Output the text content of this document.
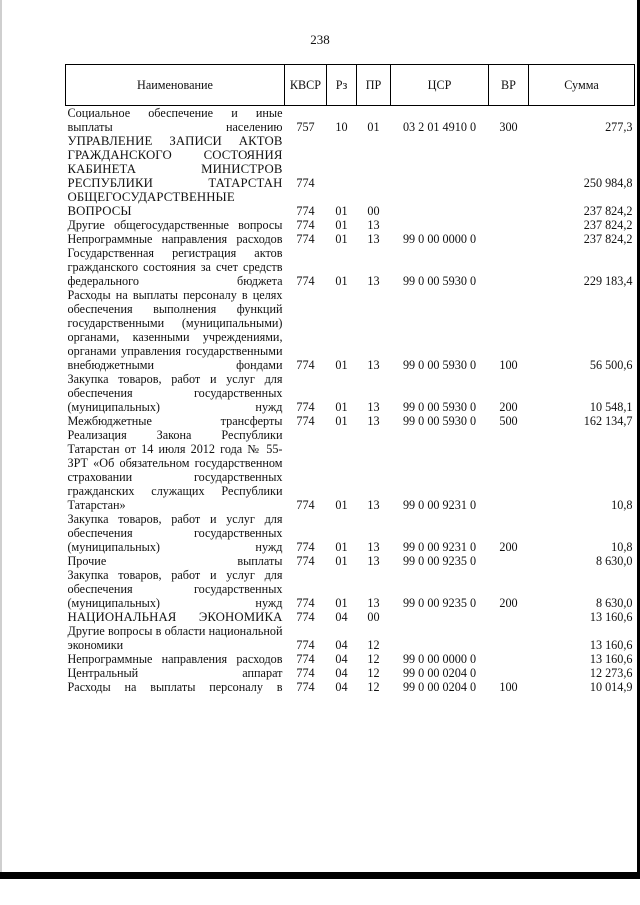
238
Наименование	КВСР	Рз	ПР	ЦСР	ВР	Сумма
Социальное обеспечение и иные выплаты населению	757	10	01	03 2 01 4910 0	300	277,3
УПРАВЛЕНИЕ ЗАПИСИ АКТОВ ГРАЖДАНСКОГО СОСТОЯНИЯ КАБИНЕТА МИНИСТРОВ РЕСПУБЛИКИ ТАТАРСТАН	774					250 984,8
ОБЩЕГОСУДАРСТВЕННЫЕ ВОПРОСЫ	774	01	00			237 824,2
Другие общегосударственные вопросы	774	01	13			237 824,2
Непрограммные направления расходов	774	01	13	99 0 00 0000 0		237 824,2
Государственная регистрация актов гражданского состояния за счет средств федерального бюджета	774	01	13	99 0 00 5930 0		229 183,4
Расходы на выплаты персоналу в целях обеспечения выполнения функций государственными (муниципальными) органами, казенными учреждениями, органами управления государственными внебюджетными фондами	774	01	13	99 0 00 5930 0	100	56 500,6
Закупка товаров, работ и услуг для обеспечения государственных (муниципальных) нужд	774	01	13	99 0 00 5930 0	200	10 548,1
Межбюджетные трансферты	774	01	13	99 0 00 5930 0	500	162 134,7
Реализация Закона Республики Татарстан от 14 июля 2012 года № 55-ЗРТ «Об обязательном государственном страховании государственных гражданских служащих Республики Татарстан»	774	01	13	99 0 00 9231 0		10,8
Закупка товаров, работ и услуг для обеспечения государственных (муниципальных) нужд	774	01	13	99 0 00 9231 0	200	10,8
Прочие выплаты	774	01	13	99 0 00 9235 0		8 630,0
Закупка товаров, работ и услуг для обеспечения государственных (муниципальных) нужд	774	01	13	99 0 00 9235 0	200	8 630,0
НАЦИОНАЛЬНАЯ ЭКОНОМИКА	774	04	00			13 160,6
Другие вопросы в области национальной экономики	774	04	12			13 160,6
Непрограммные направления расходов	774	04	12	99 0 00 0000 0		13 160,6
Центральный аппарат	774	04	12	99 0 00 0204 0		12 273,6
Расходы на выплаты персоналу в	774	04	12	99 0 00 0204 0	100	10 014,9
